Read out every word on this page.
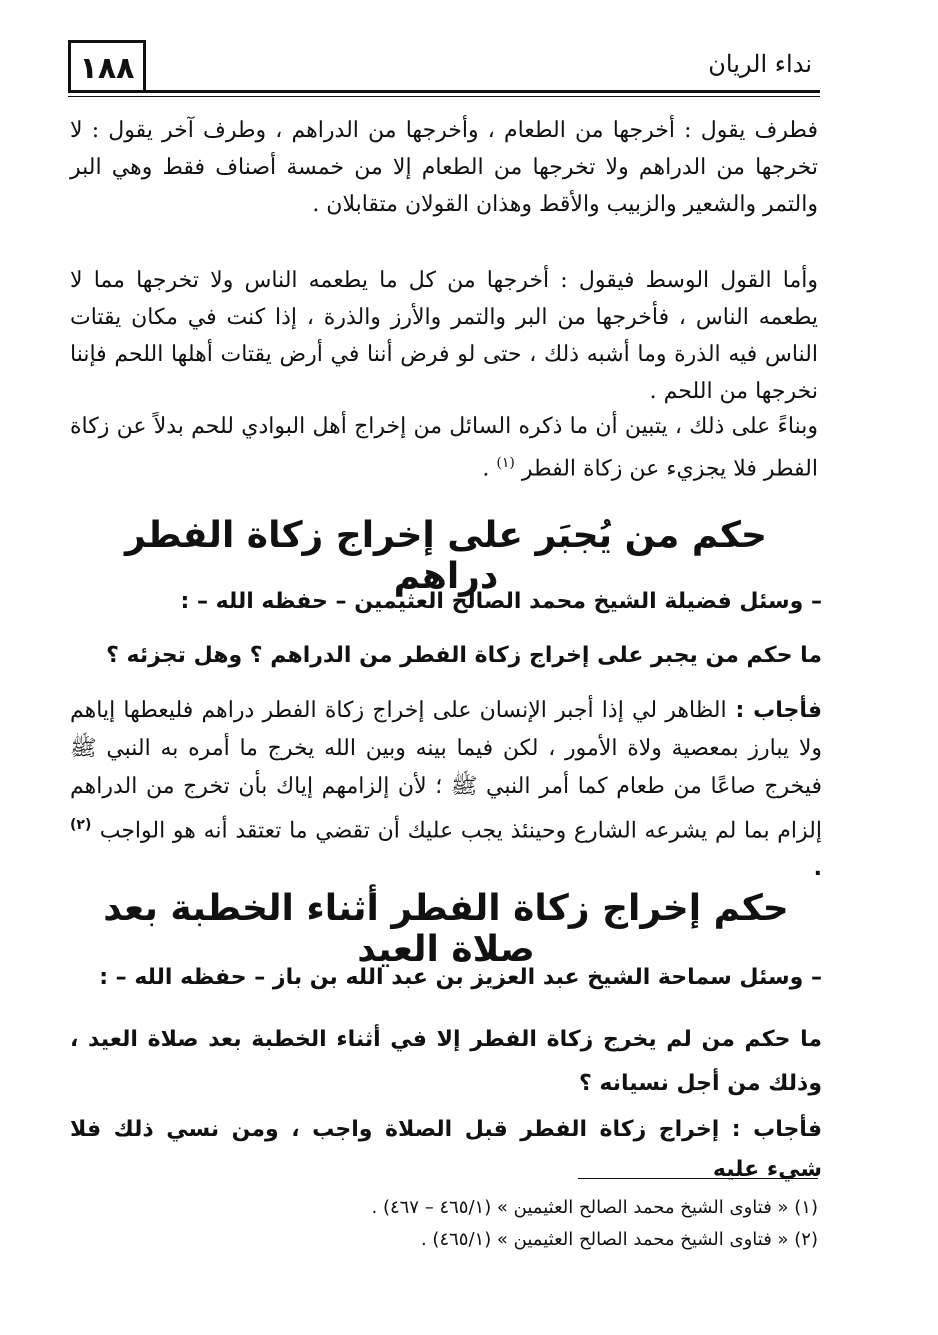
١٨٨	نداء الريان

فطرف يقول : أخرجها من الطعام ، وأخرجها من الدراهم ، وطرف آخر يقول : لا تخرجها من الدراهم ولا تخرجها من الطعام إلا من خمسة أصناف فقط وهي البر والتمر والشعير والزبيب والأقط وهذان القولان متقابلان .

وأما القول الوسط فيقول : أخرجها من كل ما يطعمه الناس ولا تخرجها مما لا يطعمه الناس ، فأخرجها من البر والتمر والأرز والذرة ، إذا كنت في مكان يقتات الناس فيه الذرة وما أشبه ذلك ، حتى لو فرض أننا في أرض يقتات أهلها اللحم فإننا نخرجها من اللحم .

وبناءً على ذلك ، يتبين أن ما ذكره السائل من إخراج أهل البوادي للحم بدلاً عن زكاة الفطر فلا يجزيء عن زكاة الفطر $^{(١)}$ .

حكم من يُجبَر على إخراج زكاة الفطر دراهم
– وسئل فضيلة الشيخ محمد الصالح العثيمين – حفظه الله – :
ما حكم من يجبر على إخراج زكاة الفطر من الدراهم ؟ وهل تجزئه ؟
فأجاب : الظاهر لي إذا أجبر الإنسان على إخراج زكاة الفطر دراهم فليعطها إياهم ولا يبارز بمعصية ولاة الأمور ، لكن فيما بينه وبين الله يخرج ما أمره به النبي ﷺ فيخرج صاعًا من طعام كما أمر النبي ﷺ ؛ لأن إلزامهم إياك بأن تخرج من الدراهم إلزام بما لم يشرعه الشارع وحينئذ يجب عليك أن تقضي ما تعتقد أنه هو الواجب $^{(٢)}$ .
حكم إخراج زكاة الفطر أثناء الخطبة بعد صلاة العيد
– وسئل سماحة الشيخ عبد العزيز بن عبد الله بن باز – حفظه الله – :
ما حكم من لم يخرج زكاة الفطر إلا في أثناء الخطبة بعد صلاة العيد ، وذلك من أجل نسيانه ؟
فأجاب : إخراج زكاة الفطر قبل الصلاة واجب ، ومن نسي ذلك فلا شيء عليه
(١) « فتاوى الشيخ محمد الصالح العثيمين » (٤٦٥/١ – ٤٦٧) .
(٢) « فتاوى الشيخ محمد الصالح العثيمين » (٤٦٥/١) .
